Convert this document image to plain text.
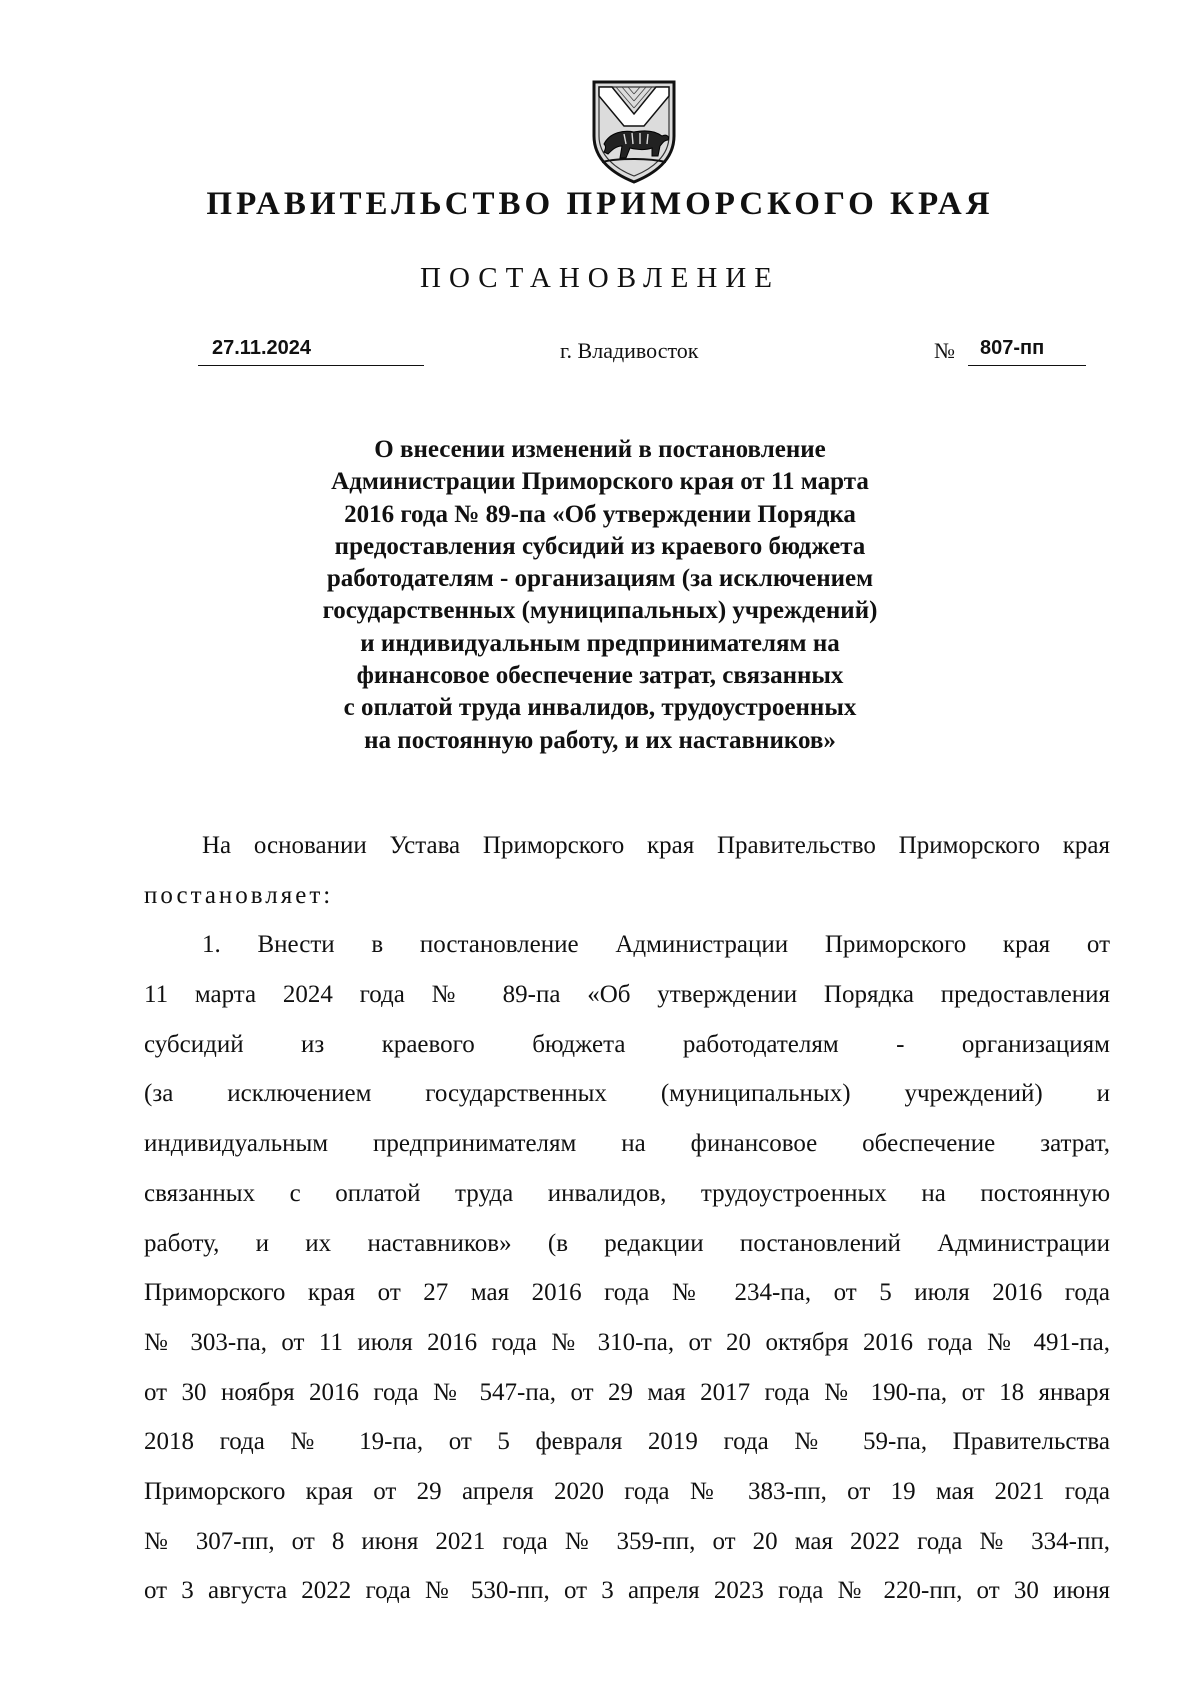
ПРАВИТЕЛЬСТВО ПРИМОРСКОГО КРАЯ
ПОСТАНОВЛЕНИЕ
27.11.2024	г. Владивосток	№	807-пп
О внесении изменений в постановление
Администрации Приморского края от 11 марта
2016 года № 89-па «Об утверждении Порядка
предоставления субсидий из краевого бюджета
работодателям - организациям (за исключением
государственных (муниципальных) учреждений)
и индивидуальным предпринимателям на
финансовое обеспечение затрат, связанных
с оплатой труда инвалидов, трудоустроенных
на постоянную работу, и их наставников»
На основании Устава Приморского края Правительство Приморского края
постановляет:
1. Внести в постановление Администрации Приморского края от
11 марта 2024 года № 89-па «Об утверждении Порядка предоставления
субсидий из краевого бюджета работодателям - организациям
(за исключением государственных (муниципальных) учреждений) и
индивидуальным предпринимателям на финансовое обеспечение затрат,
связанных с оплатой труда инвалидов, трудоустроенных на постоянную
работу, и их наставников» (в редакции постановлений Администрации
Приморского края от 27 мая 2016 года № 234-па, от 5 июля 2016 года
№ 303-па, от 11 июля 2016 года № 310-па, от 20 октября 2016 года № 491-па,
от 30 ноября 2016 года № 547-па, от 29 мая 2017 года № 190-па, от 18 января
2018 года № 19-па, от 5 февраля 2019 года № 59-па, Правительства
Приморского края от 29 апреля 2020 года № 383-пп, от 19 мая 2021 года
№ 307-пп, от 8 июня 2021 года № 359-пп, от 20 мая 2022 года № 334-пп,
от 3 августа 2022 года № 530-пп, от 3 апреля 2023 года № 220-пп, от 30 июня
